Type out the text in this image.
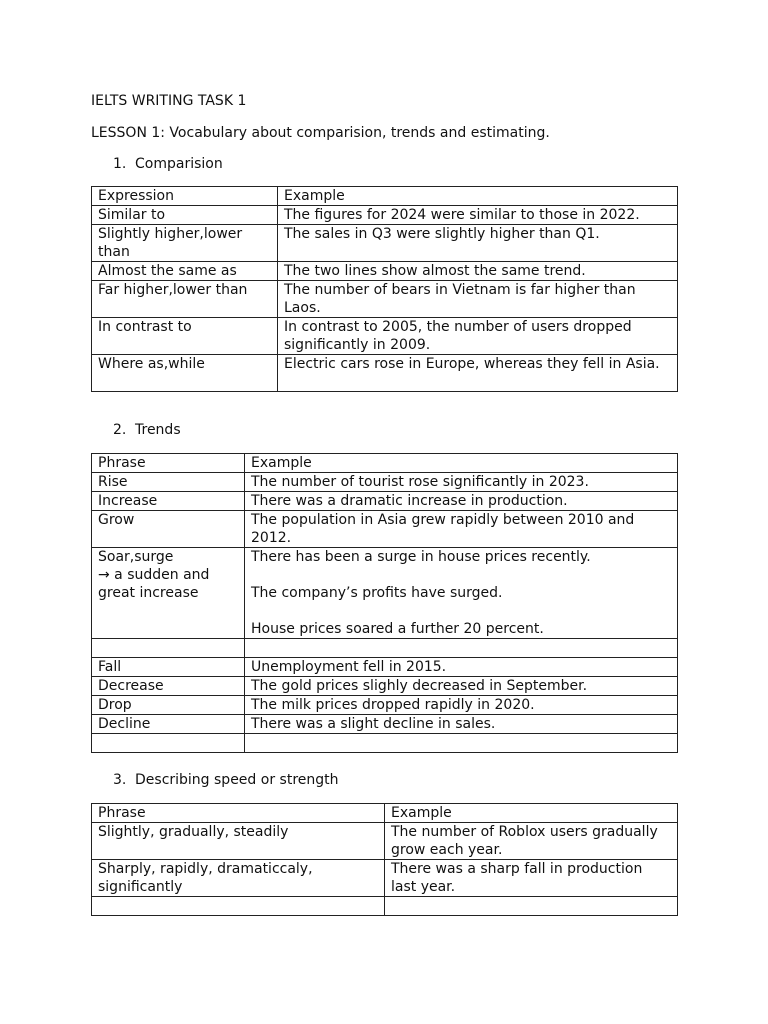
IELTS WRITING TASK 1
LESSON 1: Vocabulary about comparision, trends and estimating.
1. Comparision
Expression	Example
Similar to	The figures for 2024 were similar to those in 2022.
Slightly higher,lower than	The sales in Q3 were slightly higher than Q1.
Almost the same as	The two lines show almost the same trend.
Far higher,lower than	The number of bears in Vietnam is far higher than Laos.
In contrast to	In contrast to 2005, the number of users dropped significantly in 2009.
Where as,while	Electric cars rose in Europe, whereas they fell in Asia.
2. Trends
Phrase	Example
Rise	The number of tourist rose significantly in 2023.
Increase	There was a dramatic increase in production.
Grow	The population in Asia grew rapidly between 2010 and 2012.
Soar,surge
→ a sudden and great increase	There has been a surge in house prices recently.

The company’s profits have surged.

House prices soared a further 20 percent.

Fall	Unemployment fell in 2015.
Decrease	The gold prices slighly decreased in September.
Drop	The milk prices dropped rapidly in 2020.
Decline	There was a slight decline in sales.

3. Describing speed or strength
Phrase	Example
Slightly, gradually, steadily	The number of Roblox users gradually grow each year.
Sharply, rapidly, dramaticcaly, significantly	There was a sharp fall in production last year.
